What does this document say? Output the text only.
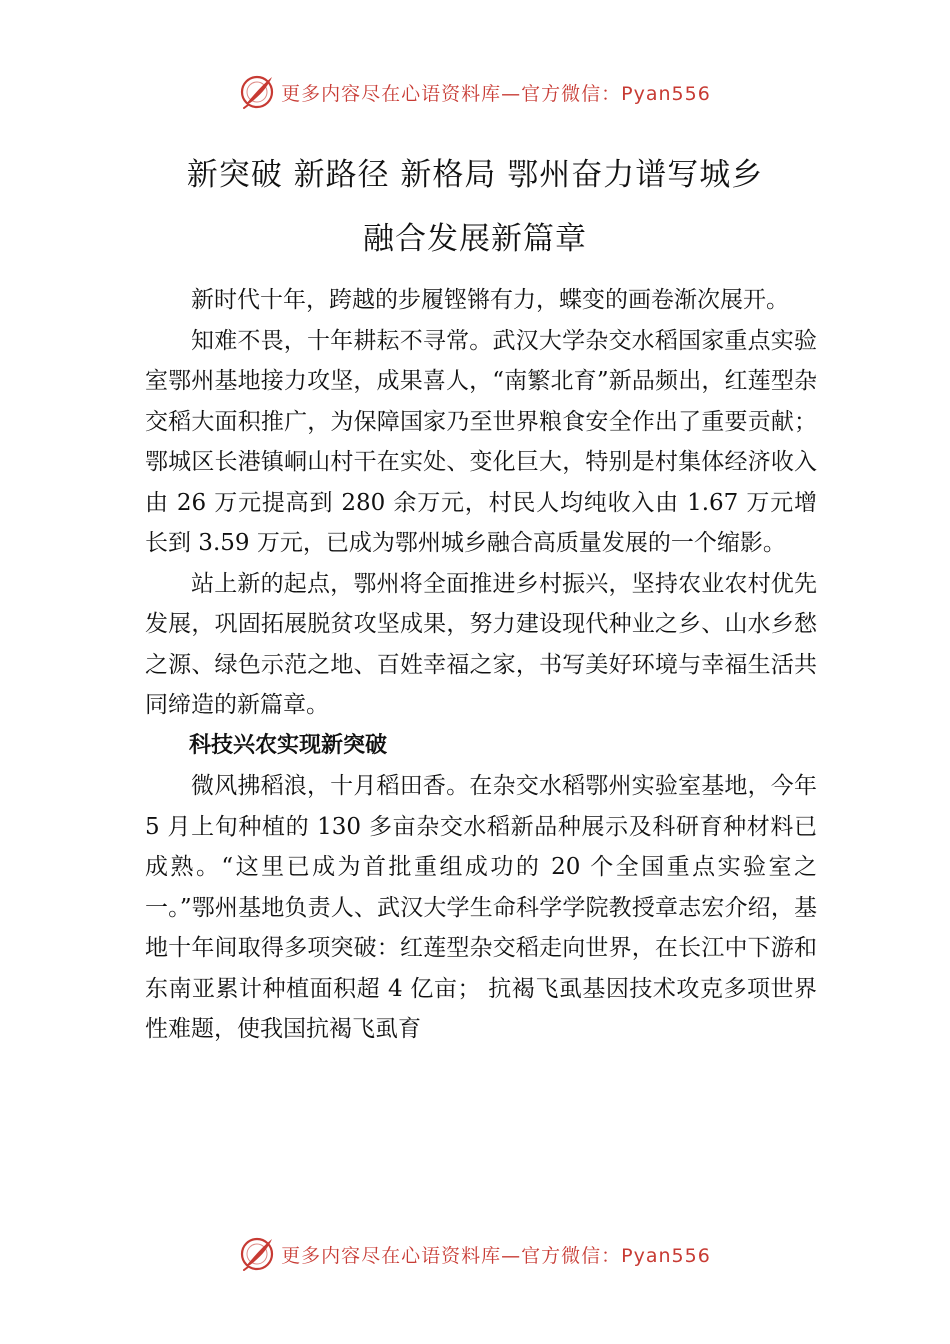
更多内容尽在心语资料库—官方微信：Pyan556
新突破 新路径 新格局 鄂州奋力谱写城乡
融合发展新篇章

新时代十年，跨越的步履铿锵有力，蝶变的画卷渐次展开。

知难不畏，十年耕耘不寻常。武汉大学杂交水稻国家重点实验室鄂州基地接力攻坚，成果喜人，“南繁北育”新品频出，红莲型杂交稻大面积推广，为保障国家乃至世界粮食安全作出了重要贡献；鄂城区长港镇峒山村干在实处、变化巨大，特别是村集体经济收入由 26 万元提高到 280 余万元，村民人均纯收入由 1.67 万元增长到 3.59 万元，已成为鄂州城乡融合高质量发展的一个缩影。

站上新的起点，鄂州将全面推进乡村振兴，坚持农业农村优先发展，巩固拓展脱贫攻坚成果，努力建设现代种业之乡、山水乡愁之源、绿色示范之地、百姓幸福之家，书写美好环境与幸福生活共同缔造的新篇章。

科技兴农实现新突破

微风拂稻浪，十月稻田香。在杂交水稻鄂州实验室基地，今年 5 月上旬种植的 130 多亩杂交水稻新品种展示及科研育种材料已成熟。“这里已成为首批重组成功的 20 个全国重点实验室之一。”鄂州基地负责人、武汉大学生命科学学院教授章志宏介绍，基地十年间取得多项突破：红莲型杂交稻走向世界，在长江中下游和东南亚累计种植面积超 4 亿亩； 抗褐飞虱基因技术攻克多项世界性难题，使我国抗褐飞虱育

更多内容尽在心语资料库—官方微信：Pyan556
